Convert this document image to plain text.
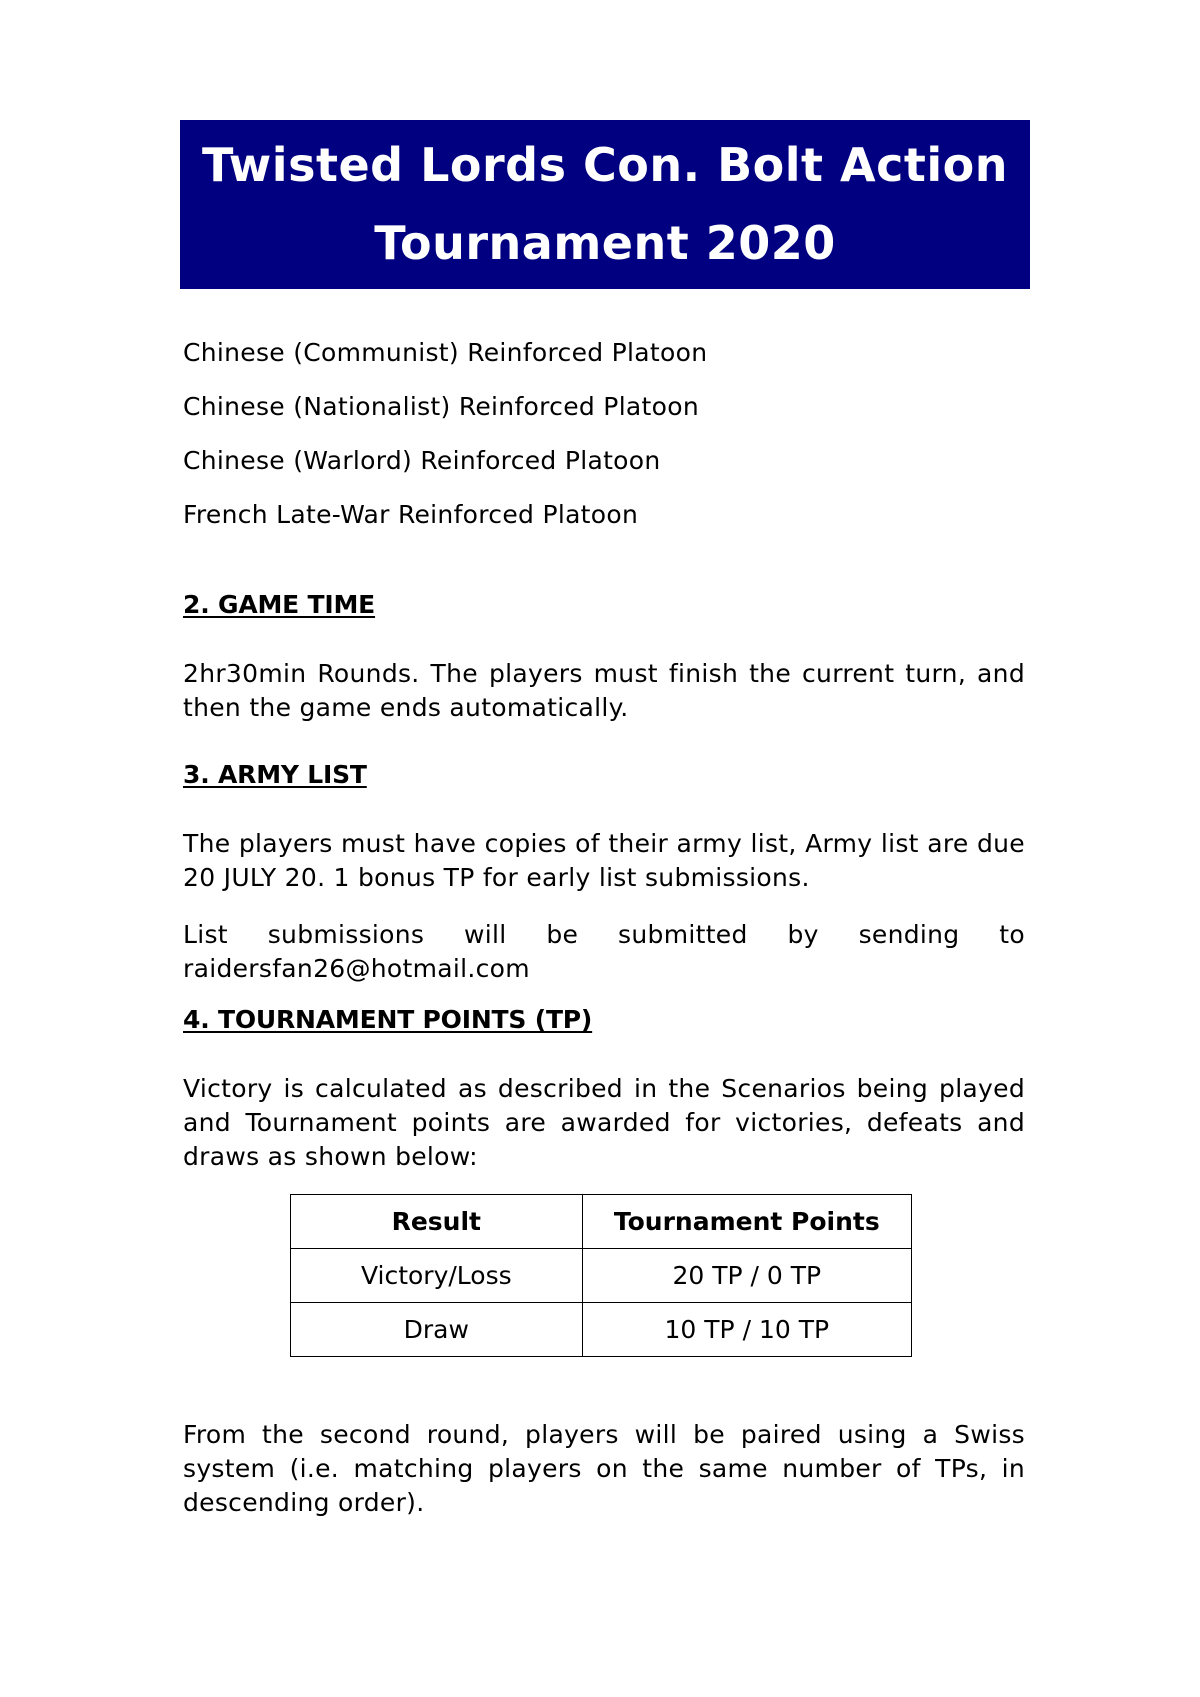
Twisted Lords Con. Bolt Action
Tournament 2020
Chinese (Communist) Reinforced Platoon
Chinese (Nationalist) Reinforced Platoon
Chinese (Warlord) Reinforced Platoon
French Late-War Reinforced Platoon
2. GAME TIME
2hr30min Rounds. The players must finish the current turn, and then the game ends automatically.
3. ARMY LIST
The players must have copies of their army list, Army list are due 20 JULY 20. 1 bonus TP for early list submissions.
List submissions will be submitted by sending to raidersfan26@hotmail.com
4. TOURNAMENT POINTS (TP)
Victory is calculated as described in the Scenarios being played and Tournament points are awarded for victories, defeats and draws as shown below:
Result	Tournament Points
Victory/Loss	20 TP / 0 TP
Draw	10 TP / 10 TP
From the second round, players will be paired using a Swiss system (i.e. matching players on the same number of TPs, in descending order).
